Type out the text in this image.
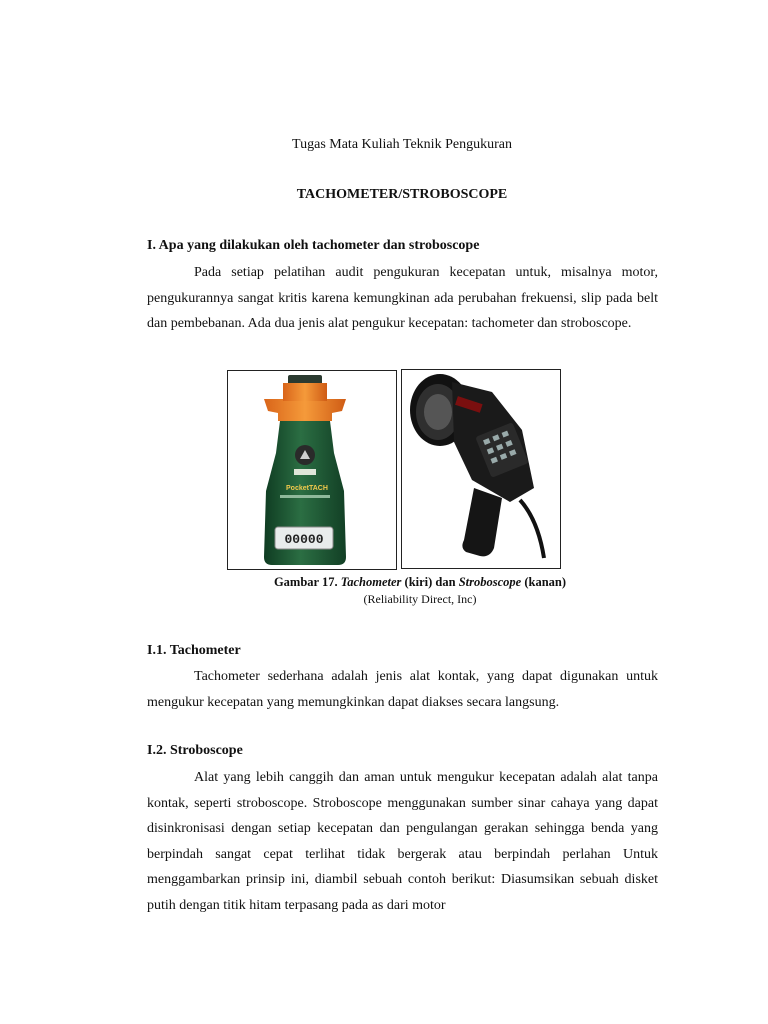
Tugas Mata Kuliah Teknik Pengukuran
TACHOMETER/STROBOSCOPE
I. Apa yang dilakukan oleh tachometer dan stroboscope

Pada setiap pelatihan audit pengukuran kecepatan untuk, misalnya motor, pengukurannya sangat kritis karena kemungkinan ada perubahan frekuensi, slip pada belt dan pembebanan. Ada dua jenis alat pengukur kecepatan: tachometer dan stroboscope.

PocketTACH
00000

Gambar 17. Tachometer (kiri) dan Stroboscope (kanan)

(Reliability Direct, Inc)

I.1. Tachometer

Tachometer sederhana adalah jenis alat kontak, yang dapat digunakan untuk mengukur kecepatan yang memungkinkan dapat diakses secara langsung.

I.2. Stroboscope

Alat yang lebih canggih dan aman untuk mengukur kecepatan adalah alat tanpa kontak, seperti stroboscope. Stroboscope menggunakan sumber sinar cahaya yang dapat disinkronisasi dengan setiap kecepatan dan pengulangan gerakan sehingga benda yang berpindah sangat cepat terlihat tidak bergerak atau berpindah perlahan Untuk menggambarkan prinsip ini, diambil sebuah contoh berikut: Diasumsikan sebuah disket putih dengan titik hitam terpasang pada as dari motor
